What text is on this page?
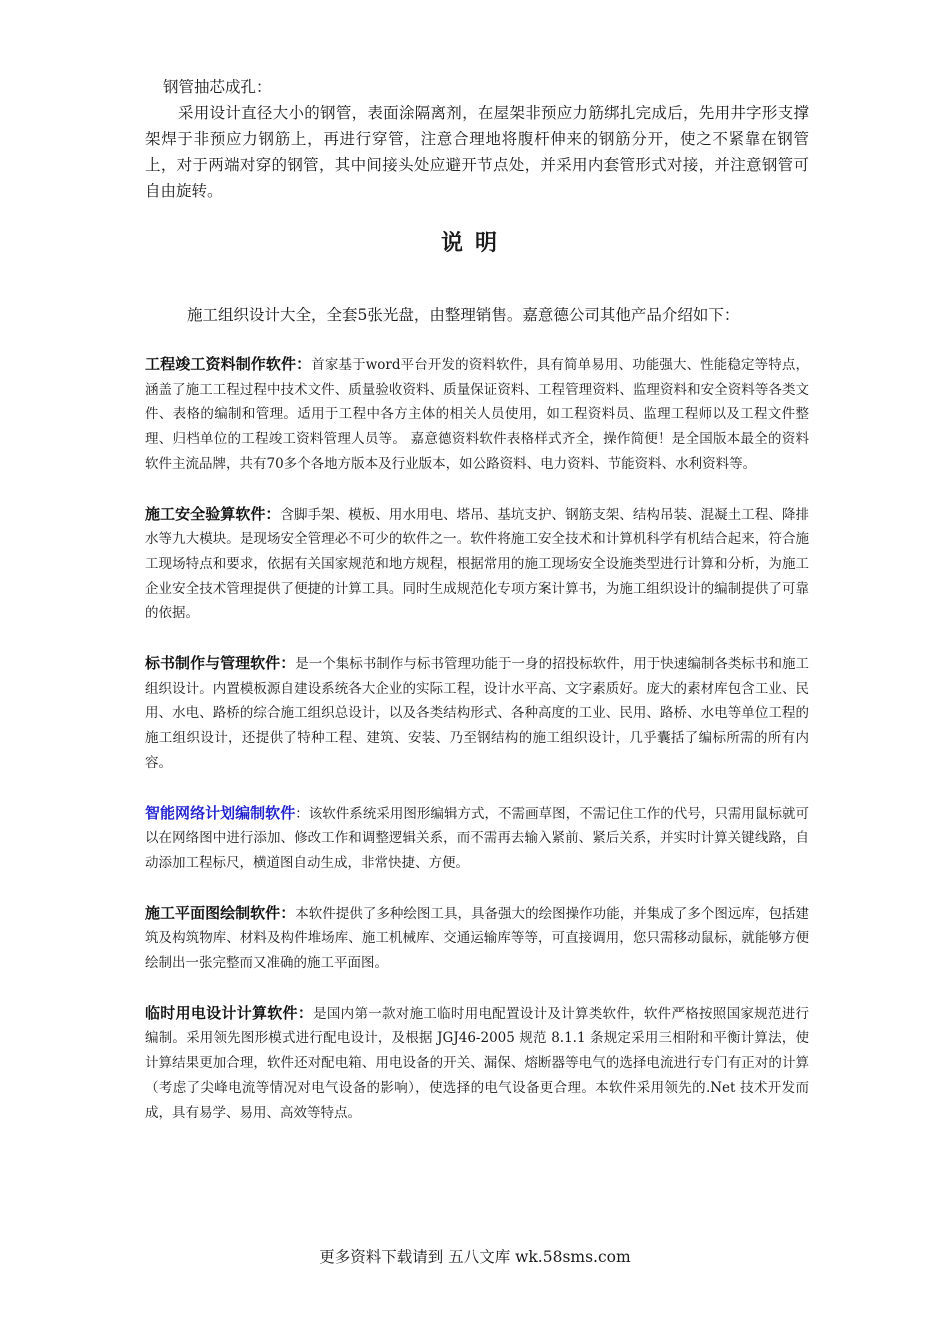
钢管抽芯成孔：
采用设计直径大小的钢管，表面涂隔离剂，在屋架非预应力筋绑扎完成后，先用井字形支撑架焊于非预应力钢筋上，再进行穿管，注意合理地将腹杆伸来的钢筋分开，使之不紧靠在钢管上，对于两端对穿的钢管，其中间接头处应避开节点处，并采用内套管形式对接，并注意钢管可自由旋转。
说明
施工组织设计大全，全套5张光盘，由整理销售。嘉意德公司其他产品介绍如下：
工程竣工资料制作软件：首家基于word平台开发的资料软件，具有简单易用、功能强大、性能稳定等特点，涵盖了施工工程过程中技术文件、质量验收资料、质量保证资料、工程管理资料、监理资料和安全资料等各类文件、表格的编制和管理。适用于工程中各方主体的相关人员使用，如工程资料员、监理工程师以及工程文件整理、归档单位的工程竣工资料管理人员等。 嘉意德资料软件表格样式齐全，操作简便！是全国版本最全的资料软件主流品牌，共有70多个各地方版本及行业版本，如公路资料、电力资料、节能资料、水利资料等。
施工安全验算软件：含脚手架、模板、用水用电、塔吊、基坑支护、钢筋支架、结构吊装、混凝土工程、降排水等九大模块。是现场安全管理必不可少的软件之一。软件将施工安全技术和计算机科学有机结合起来，符合施工现场特点和要求，依据有关国家规范和地方规程，根据常用的施工现场安全设施类型进行计算和分析，为施工企业安全技术管理提供了便捷的计算工具。同时生成规范化专项方案计算书，为施工组织设计的编制提供了可靠的依据。
标书制作与管理软件：是一个集标书制作与标书管理功能于一身的招投标软件，用于快速编制各类标书和施工组织设计。内置模板源自建设系统各大企业的实际工程，设计水平高、文字素质好。庞大的素材库包含工业、民用、水电、路桥的综合施工组织总设计，以及各类结构形式、各种高度的工业、民用、路桥、水电等单位工程的施工组织设计，还提供了特种工程、建筑、安装、乃至钢结构的施工组织设计，几乎囊括了编标所需的所有内容。
智能网络计划编制软件：该软件系统采用图形编辑方式，不需画草图，不需记住工作的代号，只需用鼠标就可以在网络图中进行添加、修改工作和调整逻辑关系，而不需再去输入紧前、紧后关系，并实时计算关键线路，自动添加工程标尺，横道图自动生成，非常快捷、方便。
施工平面图绘制软件：本软件提供了多种绘图工具，具备强大的绘图操作功能，并集成了多个图远库，包括建筑及构筑物库、材料及构件堆场库、施工机械库、交通运输库等等，可直接调用，您只需移动鼠标，就能够方便绘制出一张完整而又准确的施工平面图。
临时用电设计计算软件：是国内第一款对施工临时用电配置设计及计算类软件，软件严格按照国家规范进行编制。采用领先图形模式进行配电设计，及根据 JGJ46-2005 规范 8.1.1 条规定采用三相附和平衡计算法，使计算结果更加合理，软件还对配电箱、用电设备的开关、漏保、熔断器等电气的选择电流进行专门有正对的计算（考虑了尖峰电流等情况对电气设备的影响），使选择的电气设备更合理。本软件采用领先的.Net 技术开发而成，具有易学、易用、高效等特点。
更多资料下载请到 五八文库 wk.58sms.com
